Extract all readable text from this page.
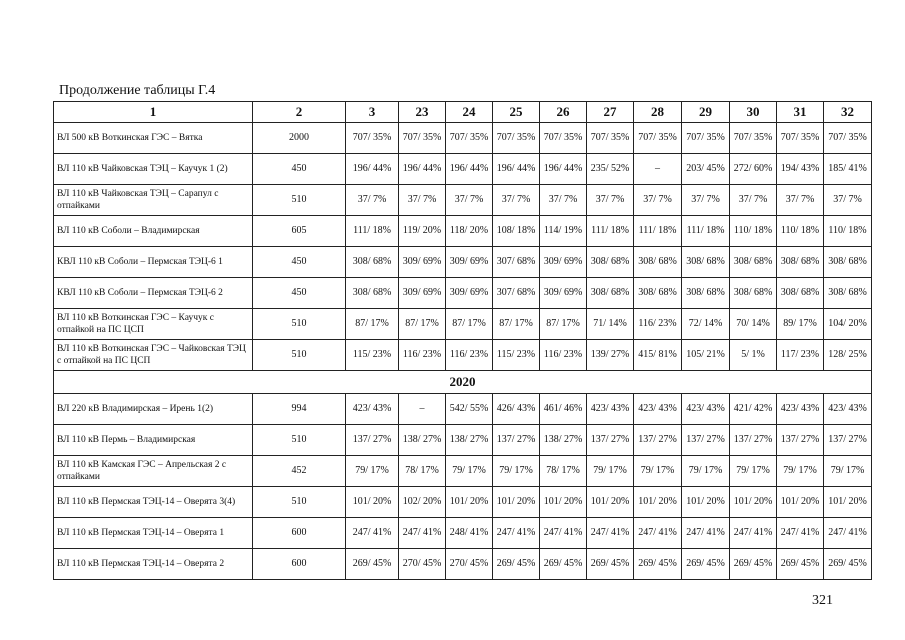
Продолжение таблицы Г.4
1	2	3	23	24	25	26	27	28	29	30	31	32
ВЛ 500 кВ Воткинская ГЭС – Вятка	2000	707/ 35%	707/ 35%	707/ 35%	707/ 35%	707/ 35%	707/ 35%	707/ 35%	707/ 35%	707/ 35%	707/ 35%	707/ 35%
ВЛ 110 кВ Чайковская ТЭЦ – Каучук 1 (2)	450	196/ 44%	196/ 44%	196/ 44%	196/ 44%	196/ 44%	235/ 52%	–	203/ 45%	272/ 60%	194/ 43%	185/ 41%
ВЛ 110 кВ Чайковская ТЭЦ – Сарапул с отпайками	510	37/ 7%	37/ 7%	37/ 7%	37/ 7%	37/ 7%	37/ 7%	37/ 7%	37/ 7%	37/ 7%	37/ 7%	37/ 7%
ВЛ 110 кВ Соболи – Владимирская	605	111/ 18%	119/ 20%	118/ 20%	108/ 18%	114/ 19%	111/ 18%	111/ 18%	111/ 18%	110/ 18%	110/ 18%	110/ 18%
КВЛ 110 кВ Соболи – Пермская ТЭЦ-6 1	450	308/ 68%	309/ 69%	309/ 69%	307/ 68%	309/ 69%	308/ 68%	308/ 68%	308/ 68%	308/ 68%	308/ 68%	308/ 68%
КВЛ 110 кВ Соболи – Пермская ТЭЦ-6 2	450	308/ 68%	309/ 69%	309/ 69%	307/ 68%	309/ 69%	308/ 68%	308/ 68%	308/ 68%	308/ 68%	308/ 68%	308/ 68%
ВЛ 110 кВ Воткинская ГЭС – Каучук с отпайкой на ПС ЦСП	510	87/ 17%	87/ 17%	87/ 17%	87/ 17%	87/ 17%	71/ 14%	116/ 23%	72/ 14%	70/ 14%	89/ 17%	104/ 20%
ВЛ 110 кВ Воткинская ГЭС – Чайковская ТЭЦ с отпайкой на ПС ЦСП	510	115/ 23%	116/ 23%	116/ 23%	115/ 23%	116/ 23%	139/ 27%	415/ 81%	105/ 21%	5/ 1%	117/ 23%	128/ 25%
2020												
ВЛ 220 кВ Владимирская – Ирень 1(2)	994	423/ 43%	–	542/ 55%	426/ 43%	461/ 46%	423/ 43%	423/ 43%	423/ 43%	421/ 42%	423/ 43%	423/ 43%
ВЛ 110 кВ Пермь – Владимирская	510	137/ 27%	138/ 27%	138/ 27%	137/ 27%	138/ 27%	137/ 27%	137/ 27%	137/ 27%	137/ 27%	137/ 27%	137/ 27%
ВЛ 110 кВ Камская ГЭС – Апрельская 2 с отпайками	452	79/ 17%	78/ 17%	79/ 17%	79/ 17%	78/ 17%	79/ 17%	79/ 17%	79/ 17%	79/ 17%	79/ 17%	79/ 17%
ВЛ 110 кВ Пермская ТЭЦ-14 – Оверята 3(4)	510	101/ 20%	102/ 20%	101/ 20%	101/ 20%	101/ 20%	101/ 20%	101/ 20%	101/ 20%	101/ 20%	101/ 20%	101/ 20%
ВЛ 110 кВ Пермская ТЭЦ-14 – Оверята 1	600	247/ 41%	247/ 41%	248/ 41%	247/ 41%	247/ 41%	247/ 41%	247/ 41%	247/ 41%	247/ 41%	247/ 41%	247/ 41%
ВЛ 110 кВ Пермская ТЭЦ-14 – Оверята 2	600	269/ 45%	270/ 45%	270/ 45%	269/ 45%	269/ 45%	269/ 45%	269/ 45%	269/ 45%	269/ 45%	269/ 45%	269/ 45%
321
